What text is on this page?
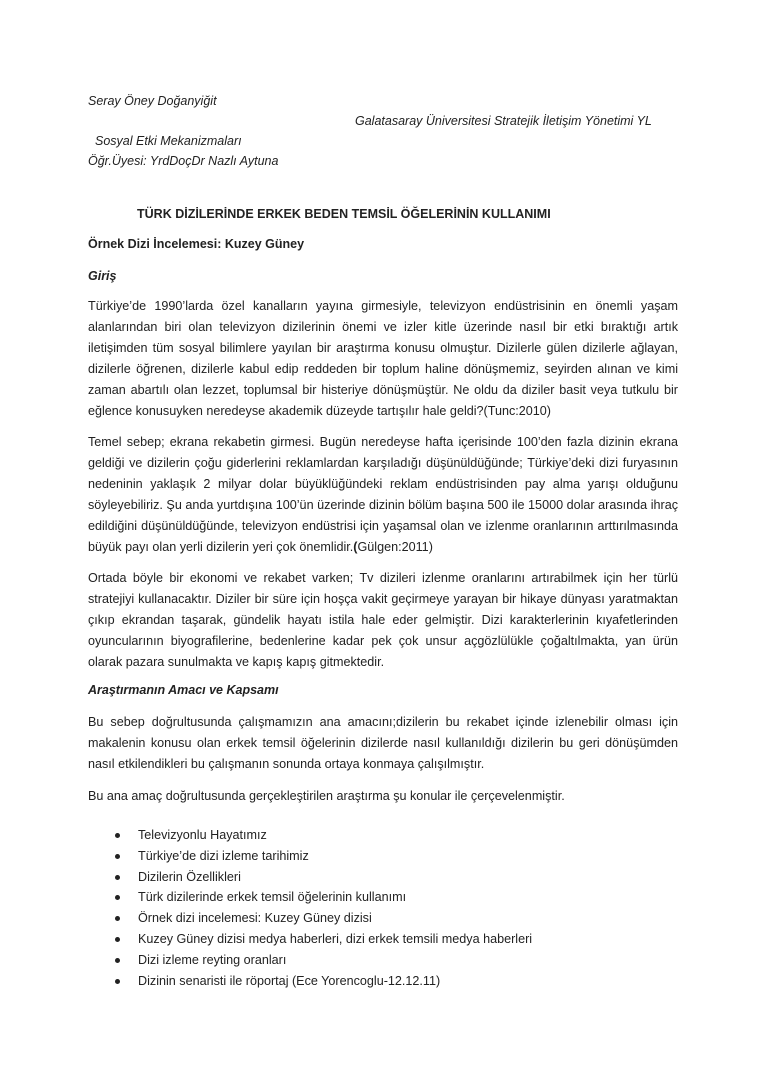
Seray Öney Doğanyiğit
Galatasaray Üniversitesi Stratejik İletişim Yönetimi YL
Sosyal Etki Mekanizmaları
Öğr.Üyesi: YrdDoçDr Nazlı Aytuna
TÜRK DİZİLERİNDE ERKEK BEDEN TEMSİL ÖĞELERİNİN KULLANIMI
Örnek Dizi İncelemesi: Kuzey Güney
Giriş

Türkiye’de 1990’larda özel kanalların yayına girmesiyle, televizyon endüstrisinin en önemli yaşam alanlarından biri olan televizyon dizilerinin önemi ve izler kitle üzerinde nasıl bir etki bıraktığı artık iletişimden tüm sosyal bilimlere yayılan bir araştırma konusu olmuştur. Dizilerle gülen dizilerle ağlayan, dizilerle öğrenen, dizilerle kabul edip reddeden bir toplum haline dönüşmemiz, seyirden alınan ve kimi zaman abartılı olan lezzet, toplumsal bir histeriye dönüşmüştür. Ne oldu da diziler basit veya tutkulu bir eğlence konusuyken neredeyse akademik düzeyde tartışılır hale geldi?(Tunc:2010)

Temel sebep; ekrana rekabetin girmesi. Bugün neredeyse hafta içerisinde 100’den fazla dizinin ekrana geldiği ve dizilerin çoğu giderlerini reklamlardan karşıladığı düşünüldüğünde; Türkiye’deki dizi furyasının nedeninin yaklaşık 2 milyar dolar büyüklüğündeki reklam endüstrisinden pay alma yarışı olduğunu söyleyebiliriz. Şu anda yurtdışına 100’ün üzerinde dizinin bölüm başına 500 ile 15000 dolar arasında ihraç edildiğini düşünüldüğünde, televizyon endüstrisi için yaşamsal olan ve izlenme oranlarının arttırılmasında büyük payı olan yerli dizilerin yeri çok önemlidir.(Gülgen:2011)

Ortada böyle bir ekonomi ve rekabet varken; Tv dizileri izlenme oranlarını artırabilmek için her türlü stratejiyi kullanacaktır. Diziler bir süre için hoşça vakit geçirmeye yarayan bir hikaye dünyası yaratmaktan çıkıp ekrandan taşarak, gündelik hayatı istila hale eder gelmiştir. Dizi karakterlerinin kıyafetlerinden oyuncularının biyografilerine, bedenlerine kadar pek çok unsur açgözlülükle çoğaltılmakta, yan ürün olarak pazara sunulmakta ve kapış kapış gitmektedir.

Araştırmanın Amacı ve Kapsamı

Bu sebep doğrultusunda çalışmamızın ana amacını;dizilerin bu rekabet içinde izlenebilir olması için makalenin konusu olan erkek temsil öğelerinin dizilerde nasıl kullanıldığı dizilerin bu geri dönüşümden nasıl etkilendikleri bu çalışmanın sonunda ortaya konmaya çalışılmıştır.

Bu ana amaç doğrultusunda gerçekleştirilen araştırma şu konular ile çerçevelenmiştir.

Televizyonlu Hayatımız
Türkiye’de dizi izleme tarihimiz
Dizilerin Özellikleri
Türk dizilerinde erkek temsil öğelerinin kullanımı
Örnek dizi incelemesi: Kuzey Güney dizisi
Kuzey Güney dizisi medya haberleri, dizi erkek temsili medya haberleri
Dizi izleme reyting oranları
Dizinin senaristi ile röportaj (Ece Yorencoglu-12.12.11)
